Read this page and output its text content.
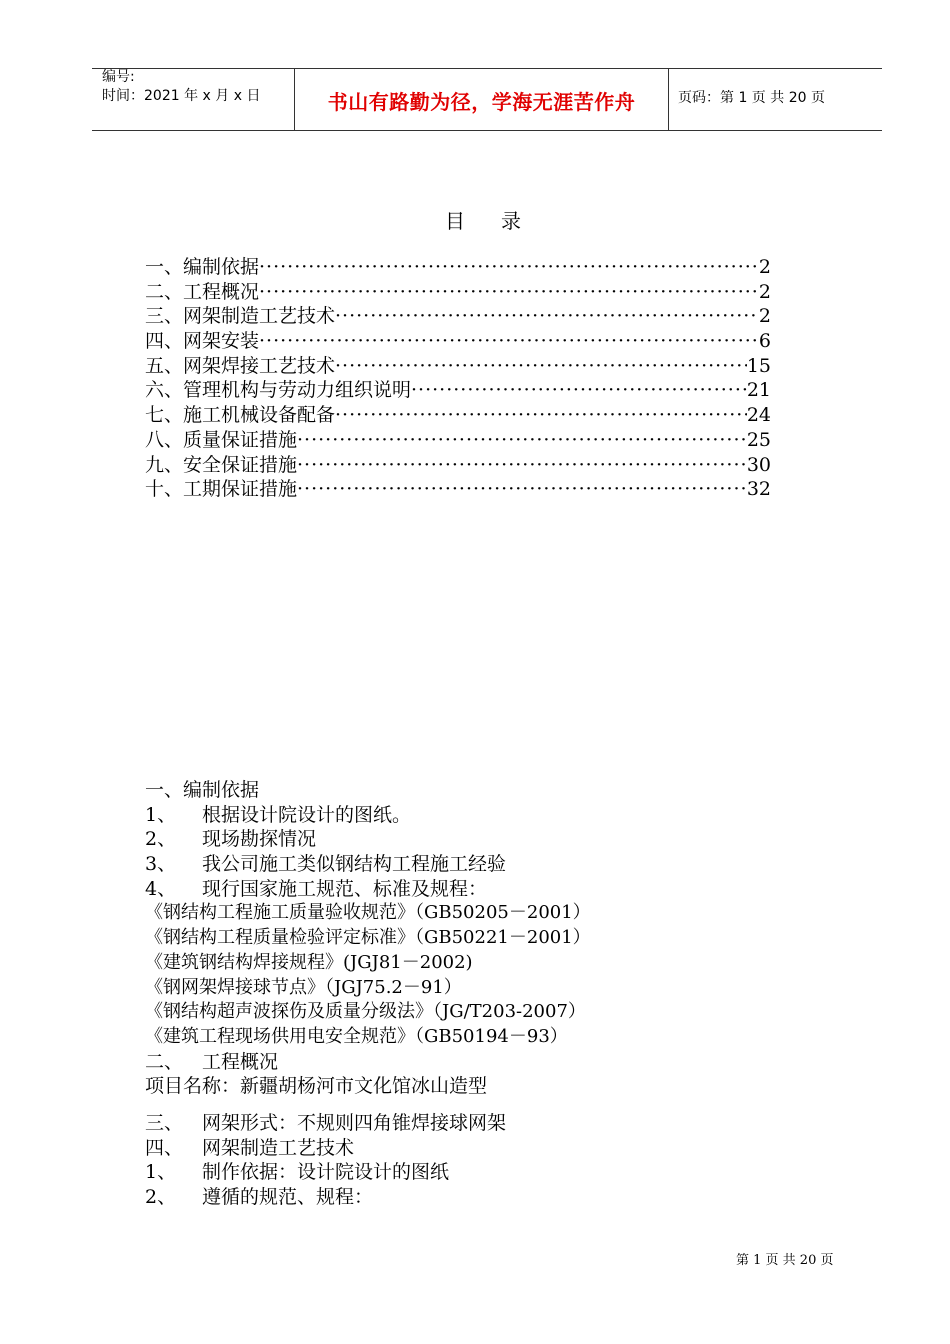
编号:
时间：2021 年 x 月 x 日	书山有路勤为径，学海无涯苦作舟	页码：第 1 页 共 20 页
目录
一、编制依据 ·····	2
二、工程概况 ·····	2
三、网架制造工艺技术 ·····	2
四、网架安装 ·····	6
五、网架焊接工艺技术 ·····	15
六、管理机构与劳动力组织说明 ·····	21
七、施工机械设备配备 ·····	24
八、质量保证措施 ·····	25
九、安全保证措施 ·····	30
十、工期保证措施 ·····	32
一、编制依据
1、 根据设计院设计的图纸。
2、 现场勘探情况
3、 我公司施工类似钢结构工程施工经验
4、 现行国家施工规范、标准及规程：
《钢结构工程施工质量验收规范》（GB50205－2001）
《钢结构工程质量检验评定标准》（GB50221－2001）
《建筑钢结构焊接规程》(JGJ81－2002)
《钢网架焊接球节点》（JGJ75.2－91）
《钢结构超声波探伤及质量分级法》（JG/T203-2007）
《建筑工程现场供用电安全规范》（GB50194－93）
二、 工程概况
项目名称：新疆胡杨河市文化馆冰山造型
三、 网架形式：不规则四角锥焊接球网架
四、 网架制造工艺技术
1、 制作依据：设计院设计的图纸
2、 遵循的规范、规程：
第 1 页 共 20 页
